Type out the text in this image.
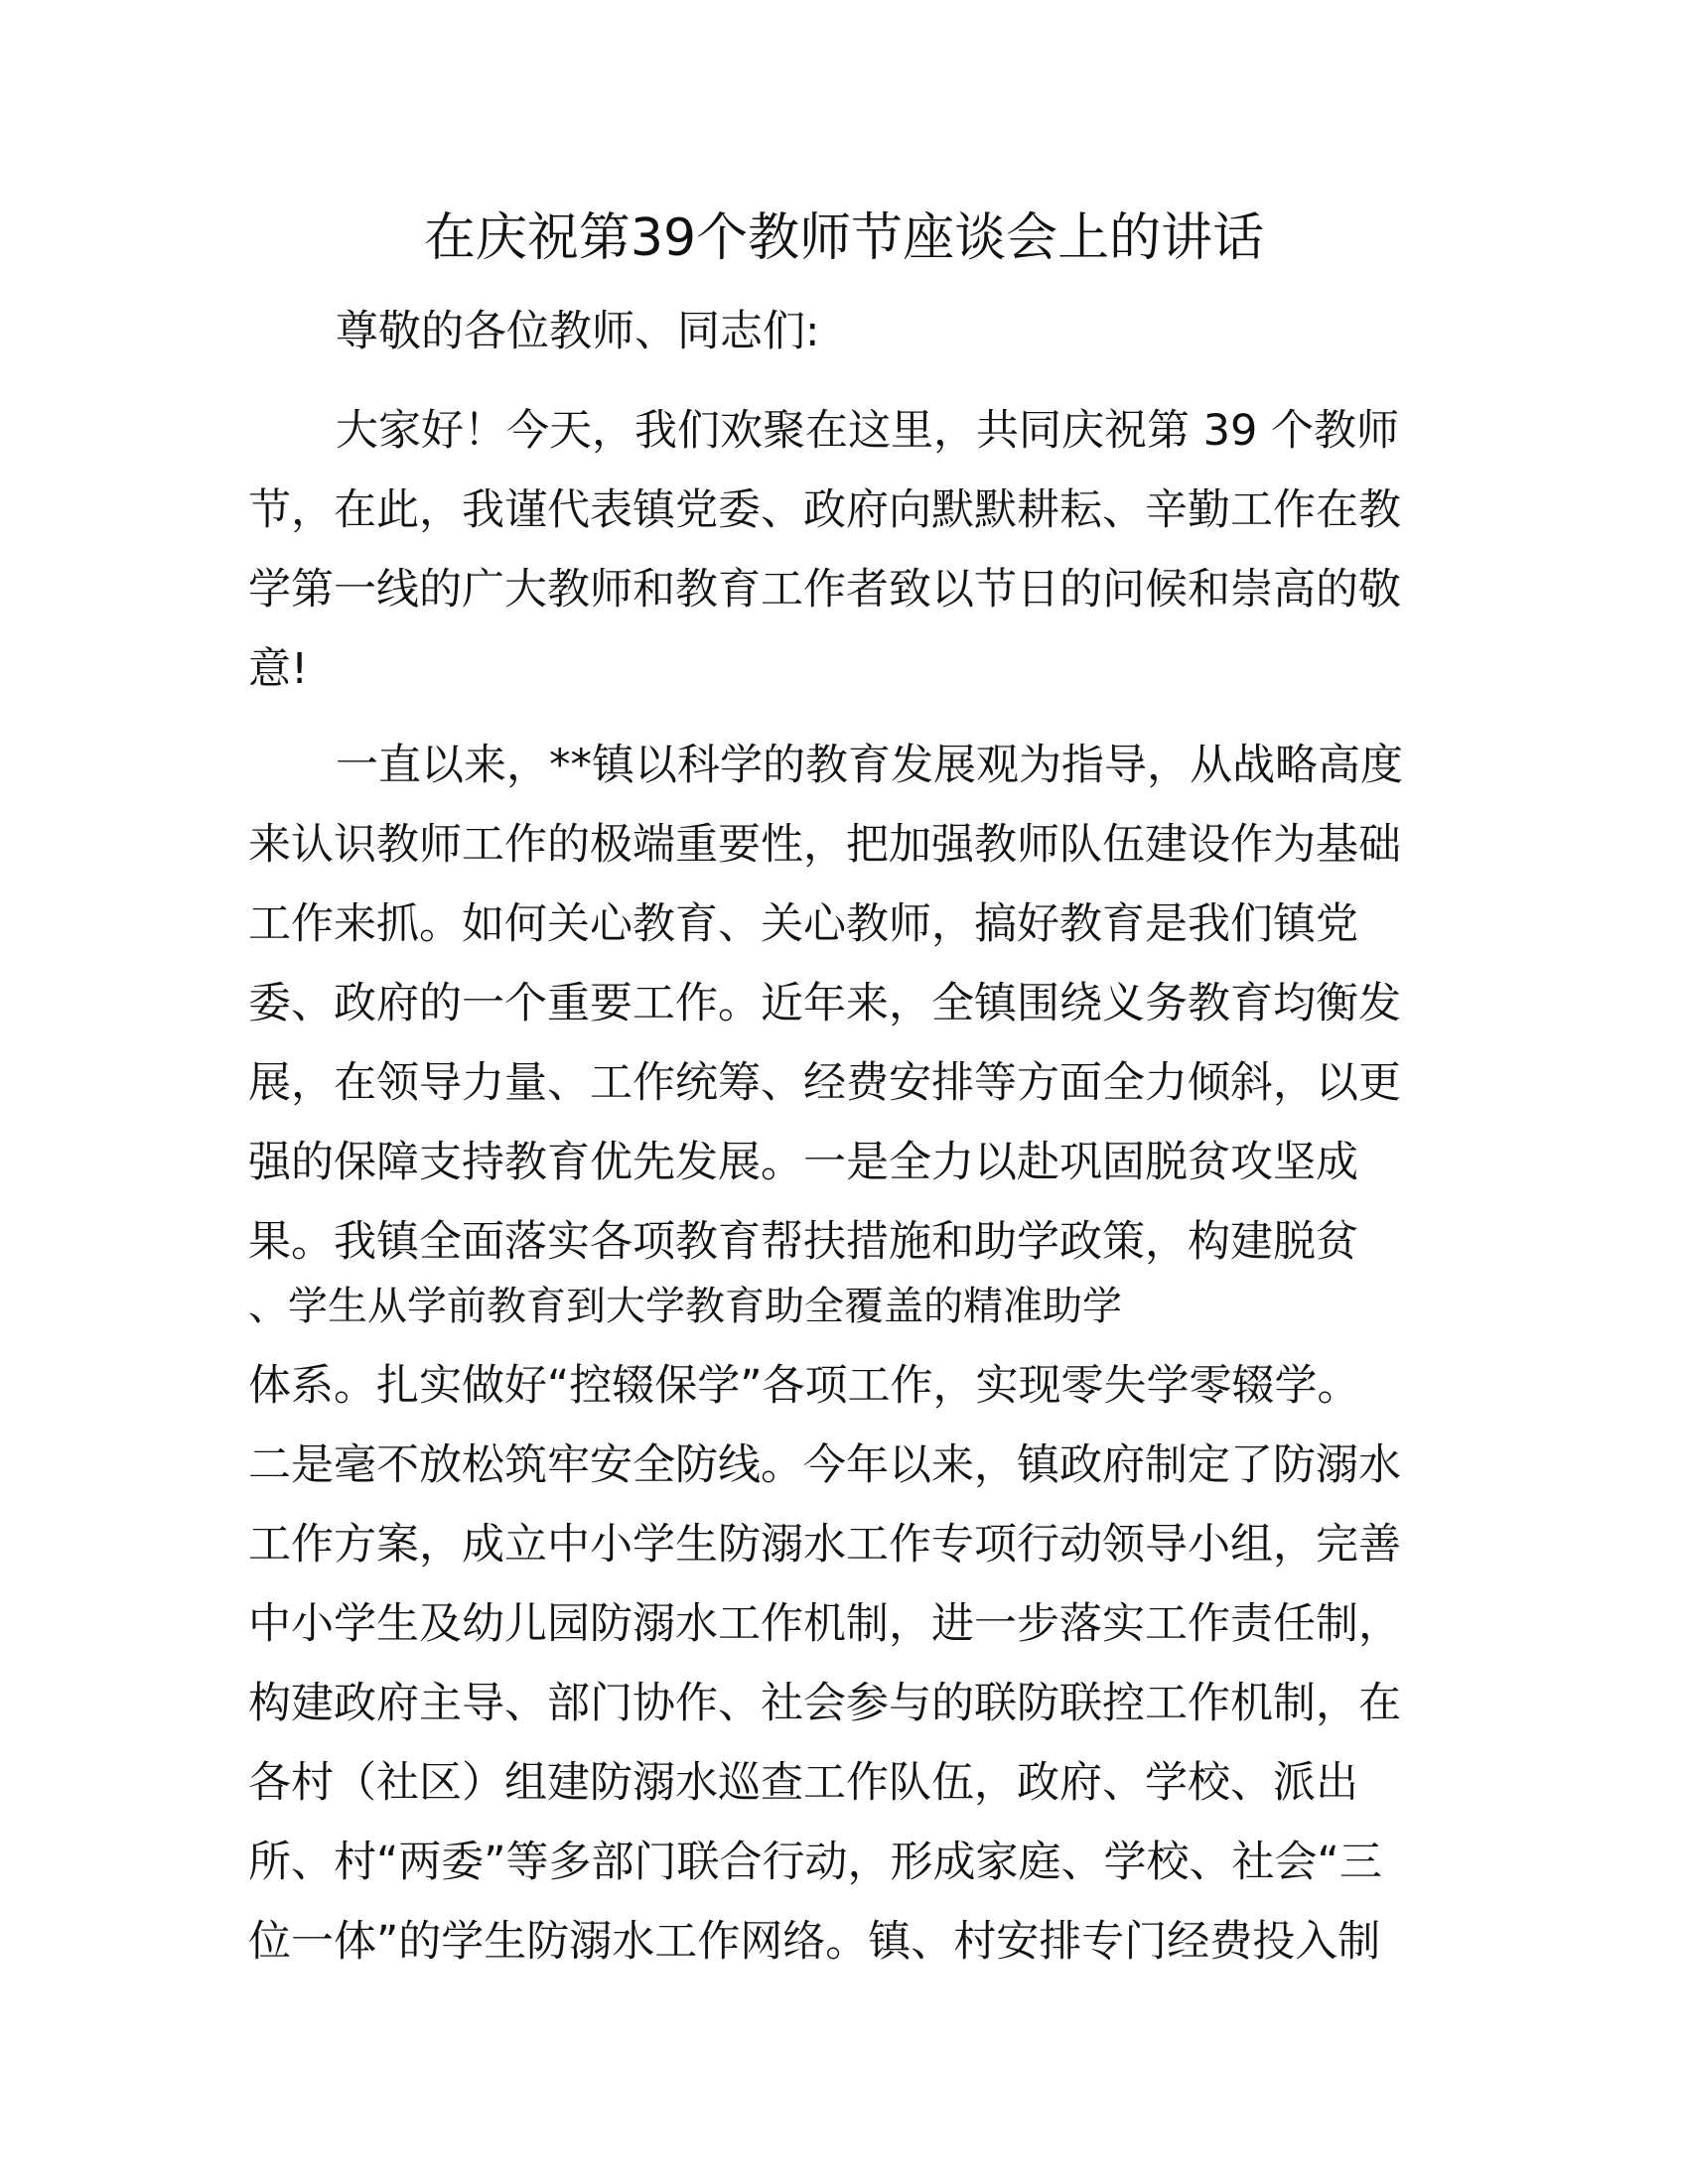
在庆祝第39个教师节座谈会上的讲话
尊敬的各位教师、同志们:
大家好！今天，我们欢聚在这里，共同庆祝第 39 个教师
节，在此，我谨代表镇党委、政府向默默耕耘、辛勤工作在教
学第一线的广大教师和教育工作者致以节日的问候和崇高的敬
意!
一直以来，**镇以科学的教育发展观为指导，从战略高度
来认识教师工作的极端重要性，把加强教师队伍建设作为基础
工作来抓。如何关心教育、关心教师，搞好教育是我们镇党
委、政府的一个重要工作。近年来，全镇围绕义务教育均衡发
展，在领导力量、工作统筹、经费安排等方面全力倾斜，以更
强的保障支持教育优先发展。一是全力以赴巩固脱贫攻坚成
果。我镇全面落实各项教育帮扶措施和助学政策，构建脱贫
、学生从学前教育到大学教育助全覆盖的精准助学
体系。扎实做好“控辍保学”各项工作，实现零失学零辍学。
二是毫不放松筑牢安全防线。今年以来，镇政府制定了防溺水
工作方案，成立中小学生防溺水工作专项行动领导小组，完善
中小学生及幼儿园防溺水工作机制，进一步落实工作责任制，
构建政府主导、部门协作、社会参与的联防联控工作机制，在
各村（社区）组建防溺水巡查工作队伍，政府、学校、派出
所、村“两委”等多部门联合行动，形成家庭、学校、社会“三
位一体”的学生防溺水工作网络。镇、村安排专门经费投入制
